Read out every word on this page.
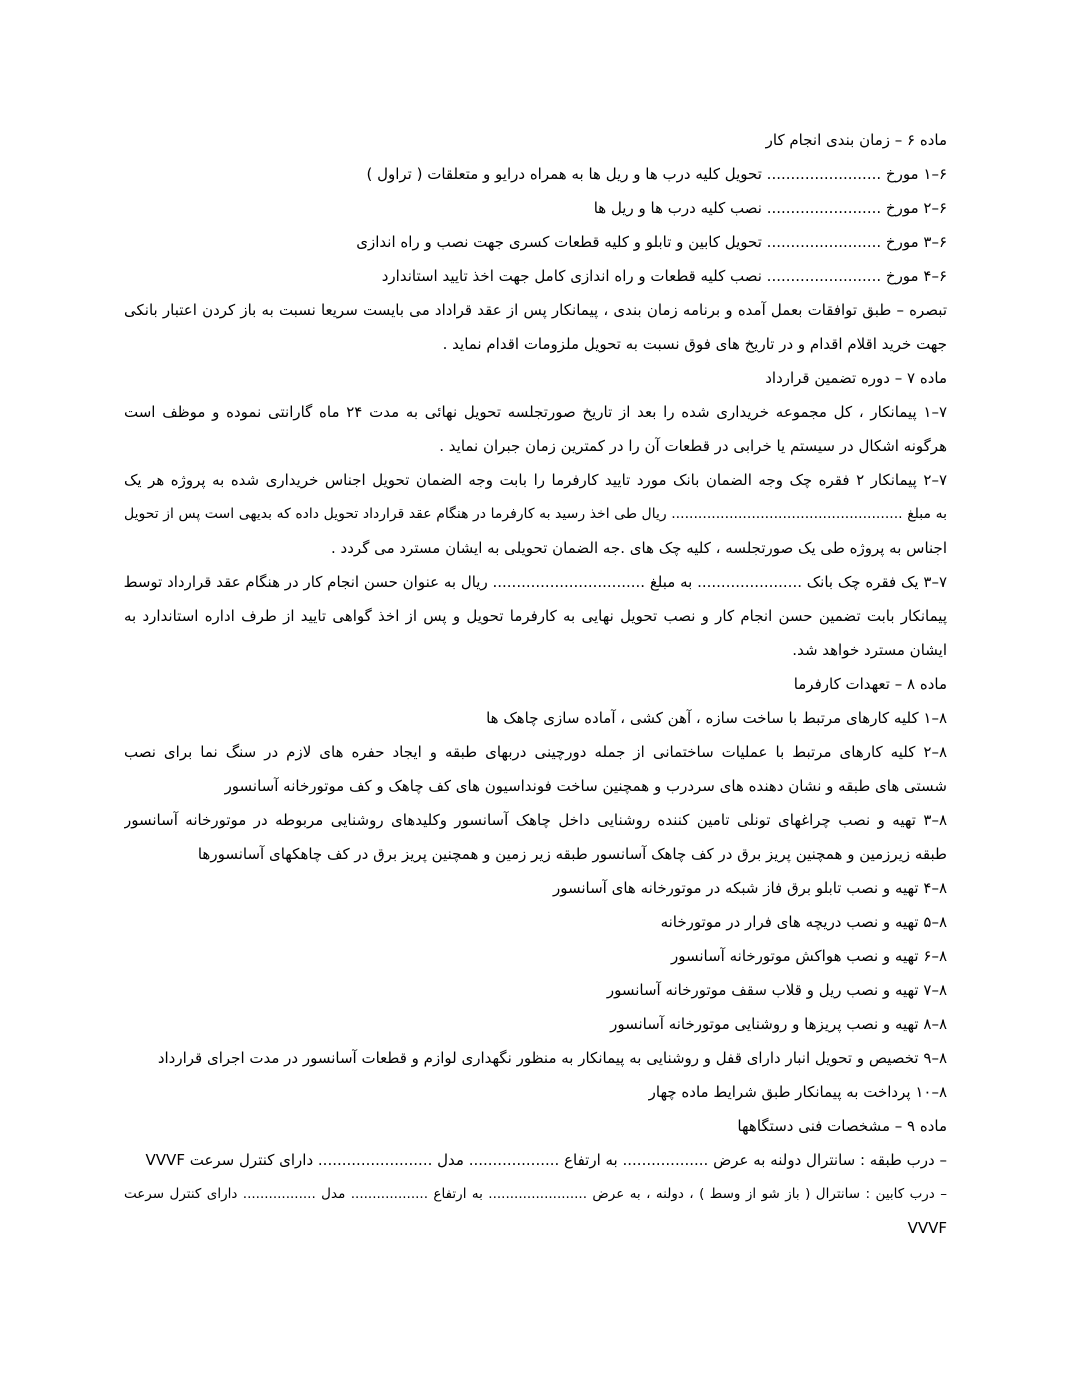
ماده ۶ – زمان بندی انجام کار
۶–۱ مورخ ........................ تحویل کلیه درب ها و ریل ها به همراه درایو و متعلقات ( تراول )
۶–۲ مورخ ........................ نصب کلیه درب ها و ریل ها
۶–۳ مورخ ........................ تحویل کابین و تابلو و کلیه قطعات کسری جهت نصب و راه اندازی
۶–۴ مورخ ........................ نصب کلیه قطعات و راه اندازی کامل جهت اخذ تایید استاندارد
تبصره – طبق توافقات بعمل آمده و برنامه زمان بندی ، پیمانکار پس از عقد قراداد می بایست سریعا نسبت به باز کردن اعتبار بانکی
جهت خرید اقلام اقدام و در تاریخ های فوق نسبت به تحویل ملزومات اقدام نماید .
ماده ۷ – دوره تضمین قرارداد
۷–۱ پیمانکار ، کل مجموعه خریداری شده را بعد از تاریخ صورتجلسه تحویل نهائی به مدت ۲۴ ماه گارانتی نموده و موظف است
هرگونه اشکال در سیستم یا خرابی در قطعات آن را در کمترین زمان جبران نماید .
۷–۲ پیمانکار ۲ فقره چک وجه الضمان بانک مورد تایید کارفرما را بابت وجه الضمان تحویل اجناس خریداری شده به پروژه هر یک
به مبلغ .................................................... ریال طی اخذ رسید به کارفرما در هنگام عقد قرارداد تحویل داده که بدیهی است پس از تحویل
اجناس به پروژه طی یک صورتجلسه ، کلیه چک های .جه الضمان تحویلی به ایشان مسترد می گردد .
۷–۳ یک فقره چک بانک ...................... به مبلغ ................................ ریال به عنوان حسن انجام کار در هنگام عقد قرارداد توسط
پیمانکار بابت تضمین حسن انجام کار و نصب تحویل نهایی به کارفرما تحویل و پس از اخذ گواهی تایید از طرف اداره استاندارد به
ایشان مسترد خواهد شد.
ماده ۸ – تعهدات کارفرما
۸–۱ کلیه کارهای مرتبط با ساخت سازه ، آهن کشی ، آماده سازی چاهک ها
۸–۲ کلیه کارهای مرتبط با عملیات ساختمانی از جمله دورچینی دربهای طبقه و ایجاد حفره های لازم در سنگ نما برای نصب
شستی های طبقه و نشان دهنده های سردرب و همچنین ساخت فونداسیون های کف چاهک و کف موتورخانه آسانسور
۸–۳ تهیه و نصب چراغهای تونلی تامین کننده روشنایی داخل چاهک آسانسور وکلیدهای روشنایی مربوطه در موتورخانه آسانسور
طبقه زیرزمین و همچنین پریز برق در کف چاهک آسانسور طبقه زیر زمین و همچنین پریز برق در کف چاهکهای آسانسورها
۸–۴ تهیه و نصب تابلو برق فاز شبکه در موتورخانه های آسانسور
۸–۵ تهیه و نصب دریچه های فرار در موتورخانه
۸–۶ تهیه و نصب هواکش موتورخانه آسانسور
۸–۷ تهیه و نصب ریل و قلاب سقف موتورخانه آسانسور
۸–۸ تهیه و نصب پریزها و روشنایی موتورخانه آسانسور
۸–۹ تخصیص و تحویل انبار دارای قفل و روشنایی به پیمانکار به منظور نگهداری لوازم و قطعات آسانسور در مدت اجرای قرارداد
۸–۱۰ پرداخت به پیمانکار طبق شرایط ماده چهار
ماده ۹ – مشخصات فنی دستگاهها
– درب طبقه : سانترال دولنه به عرض .................. به ارتفاع ................... مدل ........................ دارای کنترل سرعت VVVF
– درب کابین : سانترال ( باز شو از وسط ) ، دولنه ، به عرض ....................... به ارتفاع .................. مدل ................. دارای کنترل سرعت
VVVF
